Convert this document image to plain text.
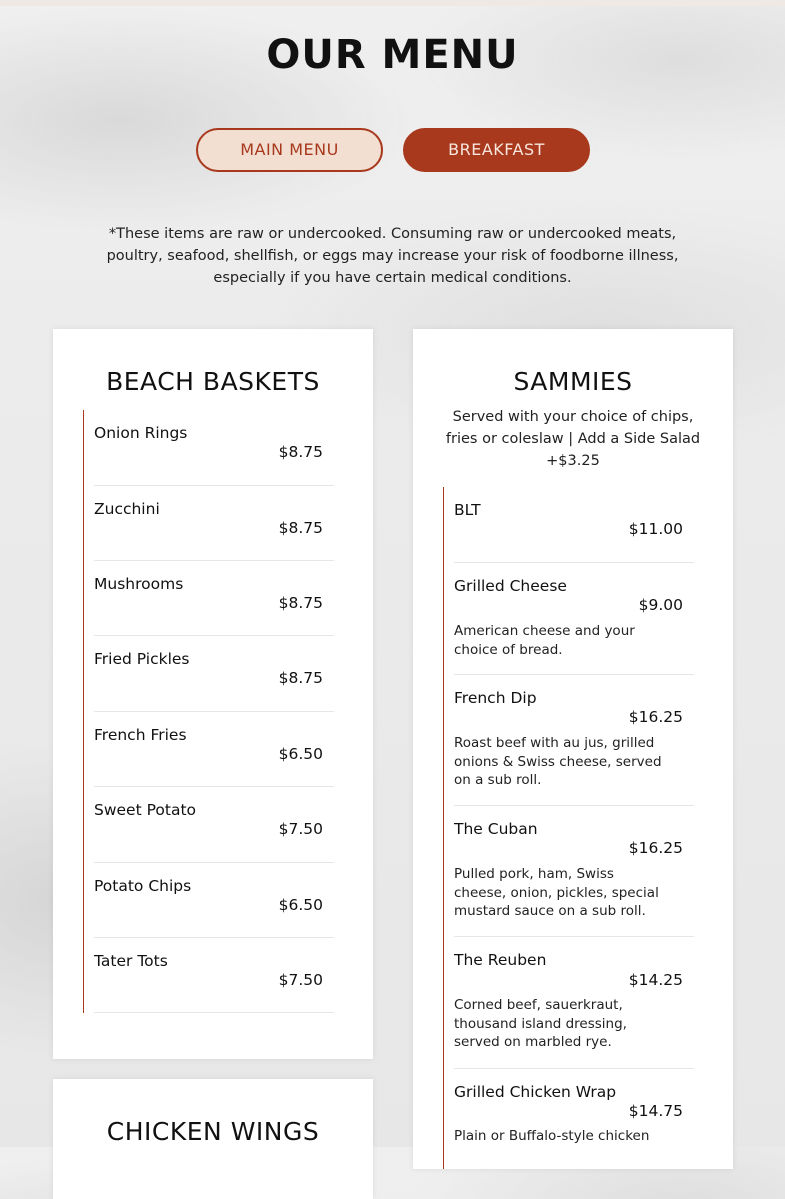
OUR MENU
MAIN MENU	BREAKFAST
*These items are raw or undercooked. Consuming raw or undercooked meats, poultry, seafood, shellfish, or eggs may increase your risk of foodborne illness, especially if you have certain medical conditions.
BEACH BASKETS
Onion Rings
$8.75
Zucchini
$8.75
Mushrooms
$8.75
Fried Pickles
$8.75
French Fries
$6.50
Sweet Potato
$7.50
Potato Chips
$6.50
Tater Tots
$7.50
SAMMIES
Served with your choice of chips, fries or coleslaw | Add a Side Salad +$3.25
BLT
$11.00
Grilled Cheese
$9.00
American cheese and your choice of bread.
French Dip
$16.25
Roast beef with au jus, grilled onions & Swiss cheese, served on a sub roll.
The Cuban
$16.25
Pulled pork, ham, Swiss cheese, onion, pickles, special mustard sauce on a sub roll.
The Reuben
$14.25
Corned beef, sauerkraut, thousand island dressing, served on marbled rye.
Grilled Chicken Wrap
$14.75
Plain or Buffalo-style chicken
CHICKEN WINGS
